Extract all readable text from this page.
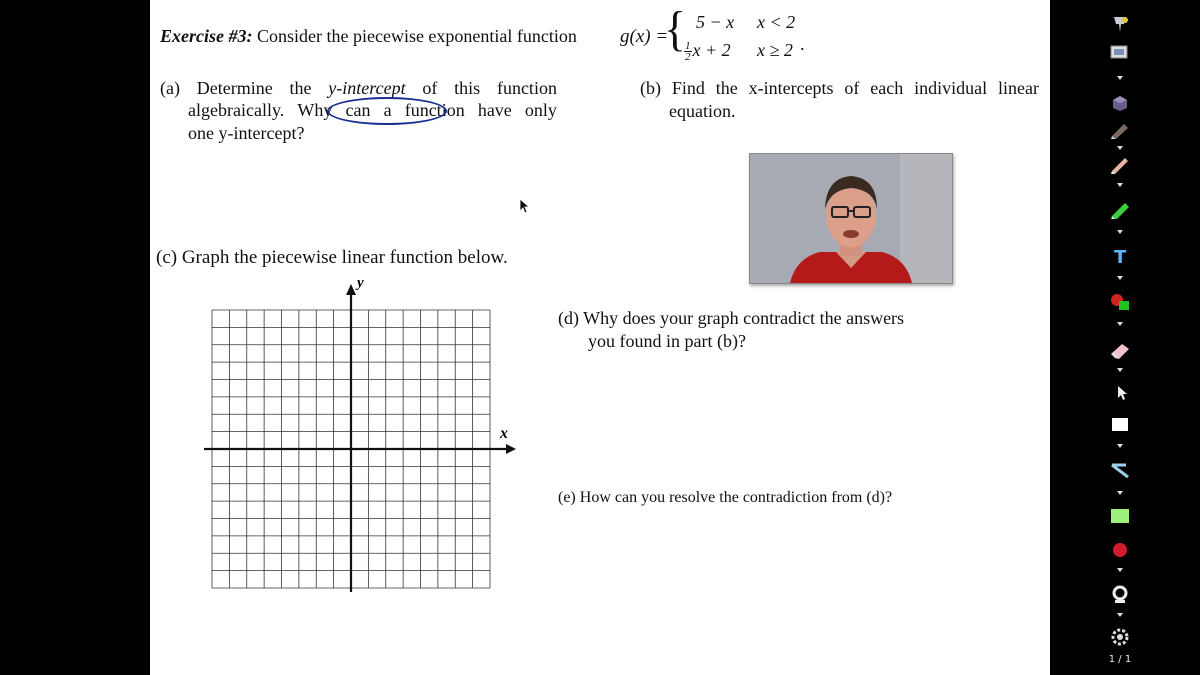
Exercise #3: Consider the piecewise exponential function g(x) =
{ 5 − x x < 2
$\frac{1}{2}$ x + 2 x ≥ 2 .
(a) Determine the y-intercept of this function
algebraically. Why can a function have only
one y-intercept?
(b) Find the x-intercepts of each individual linear
equation.
(c) Graph the piecewise linear function below.
(d) Why does your graph contradict the answers
you found in part (b)?
(e) How can you resolve the contradiction from (d)?
x
y
T
1 / 1
